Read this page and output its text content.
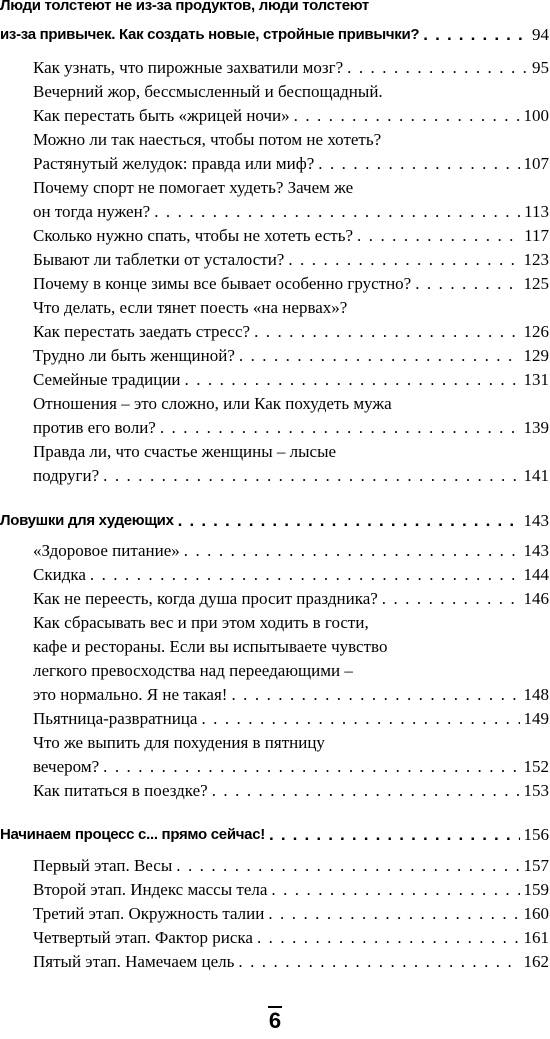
Люди толстеют не из-за продуктов, люди толстеют
из-за привычек. Как создать новые, стройные привычки? . . .	94
Как узнать, что пирожные захватили мозг? . . .	95
Вечерний жор, бессмысленный и беспощадный.
Как перестать быть «жрицей ночи» . . .	100
Можно ли так наесться, чтобы потом не хотеть?
Растянутый желудок: правда или миф? . . .	107
Почему спорт не помогает худеть? Зачем же
он тогда нужен? . . .	113
Сколько нужно спать, чтобы не хотеть есть? . . .	117
Бывают ли таблетки от усталости? . . .	123
Почему в конце зимы все бывает особенно грустно? . . .	125
Что делать, если тянет поесть «на нервах»?
Как перестать заедать стресс? . . .	126
Трудно ли быть женщиной? . . .	129
Семейные традиции . . .	131
Отношения – это сложно, или Как похудеть мужа
против его воли? . . .	139
Правда ли, что счастье женщины – лысые
подруги? . . .	141
Ловушки для худеющих . . .	143
«Здоровое питание» . . .	143
Скидка . . .	144
Как не переесть, когда душа просит праздника? . . .	146
Как сбрасывать вес и при этом ходить в гости,
кафе и рестораны. Если вы испытываете чувство
легкого превосходства над переедающими –
это нормально. Я не такая! . . .	148
Пьятница-развратница . . .	149
Что же выпить для похудения в пятницу
вечером? . . .	152
Как питаться в поездке? . . .	153
Начинаем процесс с... прямо сейчас! . . .	156
Первый этап. Весы . . .	157
Второй этап. Индекс массы тела . . .	159
Третий этап. Окружность талии . . .	160
Четвертый этап. Фактор риска . . .	161
Пятый этап. Намечаем цель . . .	162
6
